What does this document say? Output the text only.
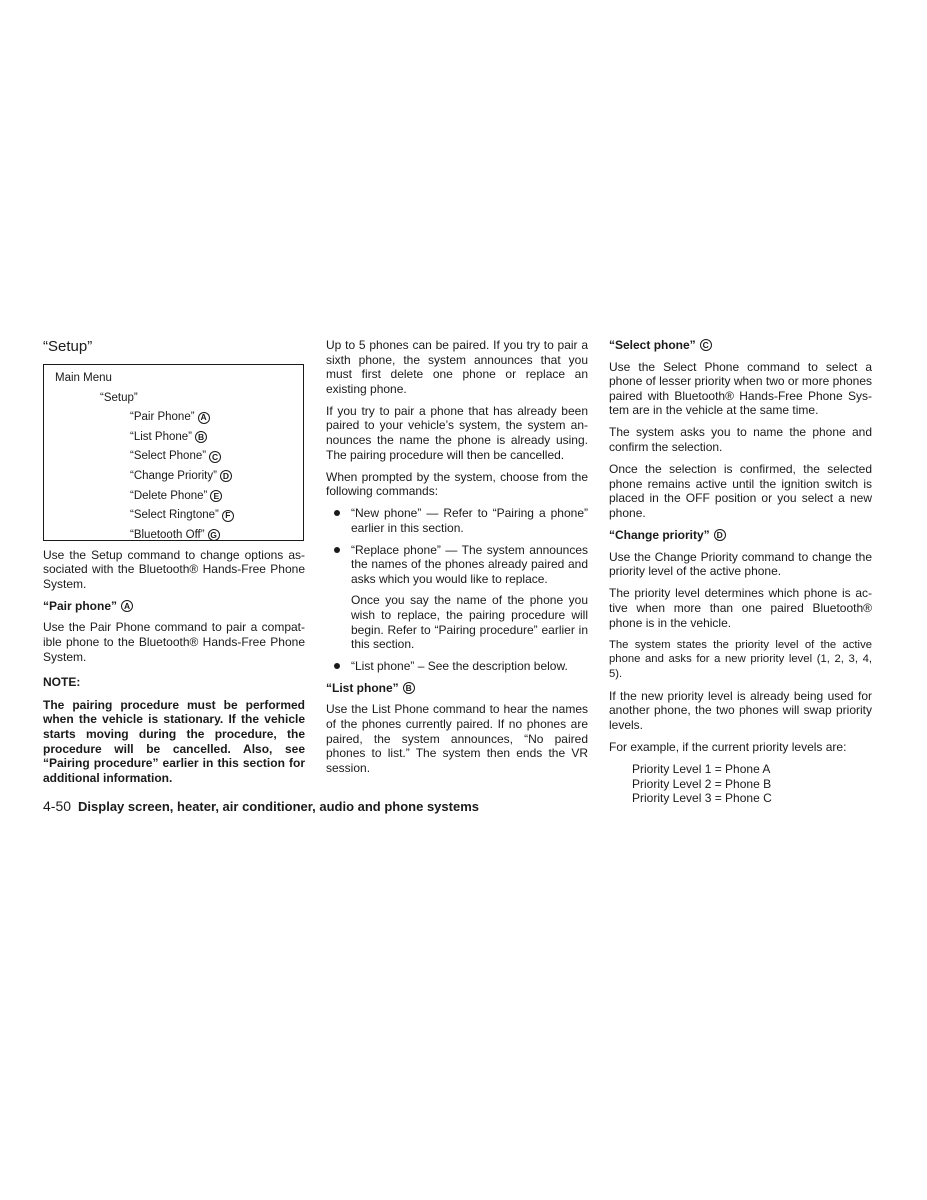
“Setup”
Main Menu
“Setup”
“Pair Phone” A
“List Phone” B
“Select Phone” C
“Change Priority” D
“Delete Phone” E
“Select Ringtone” F
“Bluetooth Off” G

Use the Setup command to change options associated with the Bluetooth® Hands-Free Phone System.

“Pair phone” A

Use the Pair Phone command to pair a compatible phone to the Bluetooth® Hands-Free Phone System.

NOTE:

The pairing procedure must be performed when the vehicle is stationary. If the vehicle starts moving during the procedure, the procedure will be cancelled. Also, see “Pairing procedure” earlier in this section for additional information.

Up to 5 phones can be paired. If you try to pair a sixth phone, the system announces that you must first delete one phone or replace an existing phone.

If you try to pair a phone that has already been paired to your vehicle’s system, the system announces the name the phone is already using. The pairing procedure will then be cancelled.

When prompted by the system, choose from the following commands:

“New phone” — Refer to “Pairing a phone” earlier in this section.
“Replace phone” — The system announces the names of the phones already paired and asks which you would like to replace.

Once you say the name of the phone you wish to replace, the pairing procedure will begin. Refer to “Pairing procedure” earlier in this section.

“List phone” – See the description below.
“List phone” B

Use the List Phone command to hear the names of the phones currently paired. If no phones are paired, the system announces, “No paired phones to list.” The system then ends the VR session.

“Select phone” C

Use the Select Phone command to select a phone of lesser priority when two or more phones paired with Bluetooth® Hands-Free Phone System are in the vehicle at the same time.

The system asks you to name the phone and confirm the selection.

Once the selection is confirmed, the selected phone remains active until the ignition switch is placed in the OFF position or you select a new phone.

“Change priority” D

Use the Change Priority command to change the priority level of the active phone.

The priority level determines which phone is active when more than one paired Bluetooth® phone is in the vehicle.

The system states the priority level of the active phone and asks for a new priority level (1, 2, 3, 4, 5).

If the new priority level is already being used for another phone, the two phones will swap priority levels.

For example, if the current priority levels are:

Priority Level 1 = Phone A
Priority Level 2 = Phone B
Priority Level 3 = Phone C
4-50 Display screen, heater, air conditioner, audio and phone systems
